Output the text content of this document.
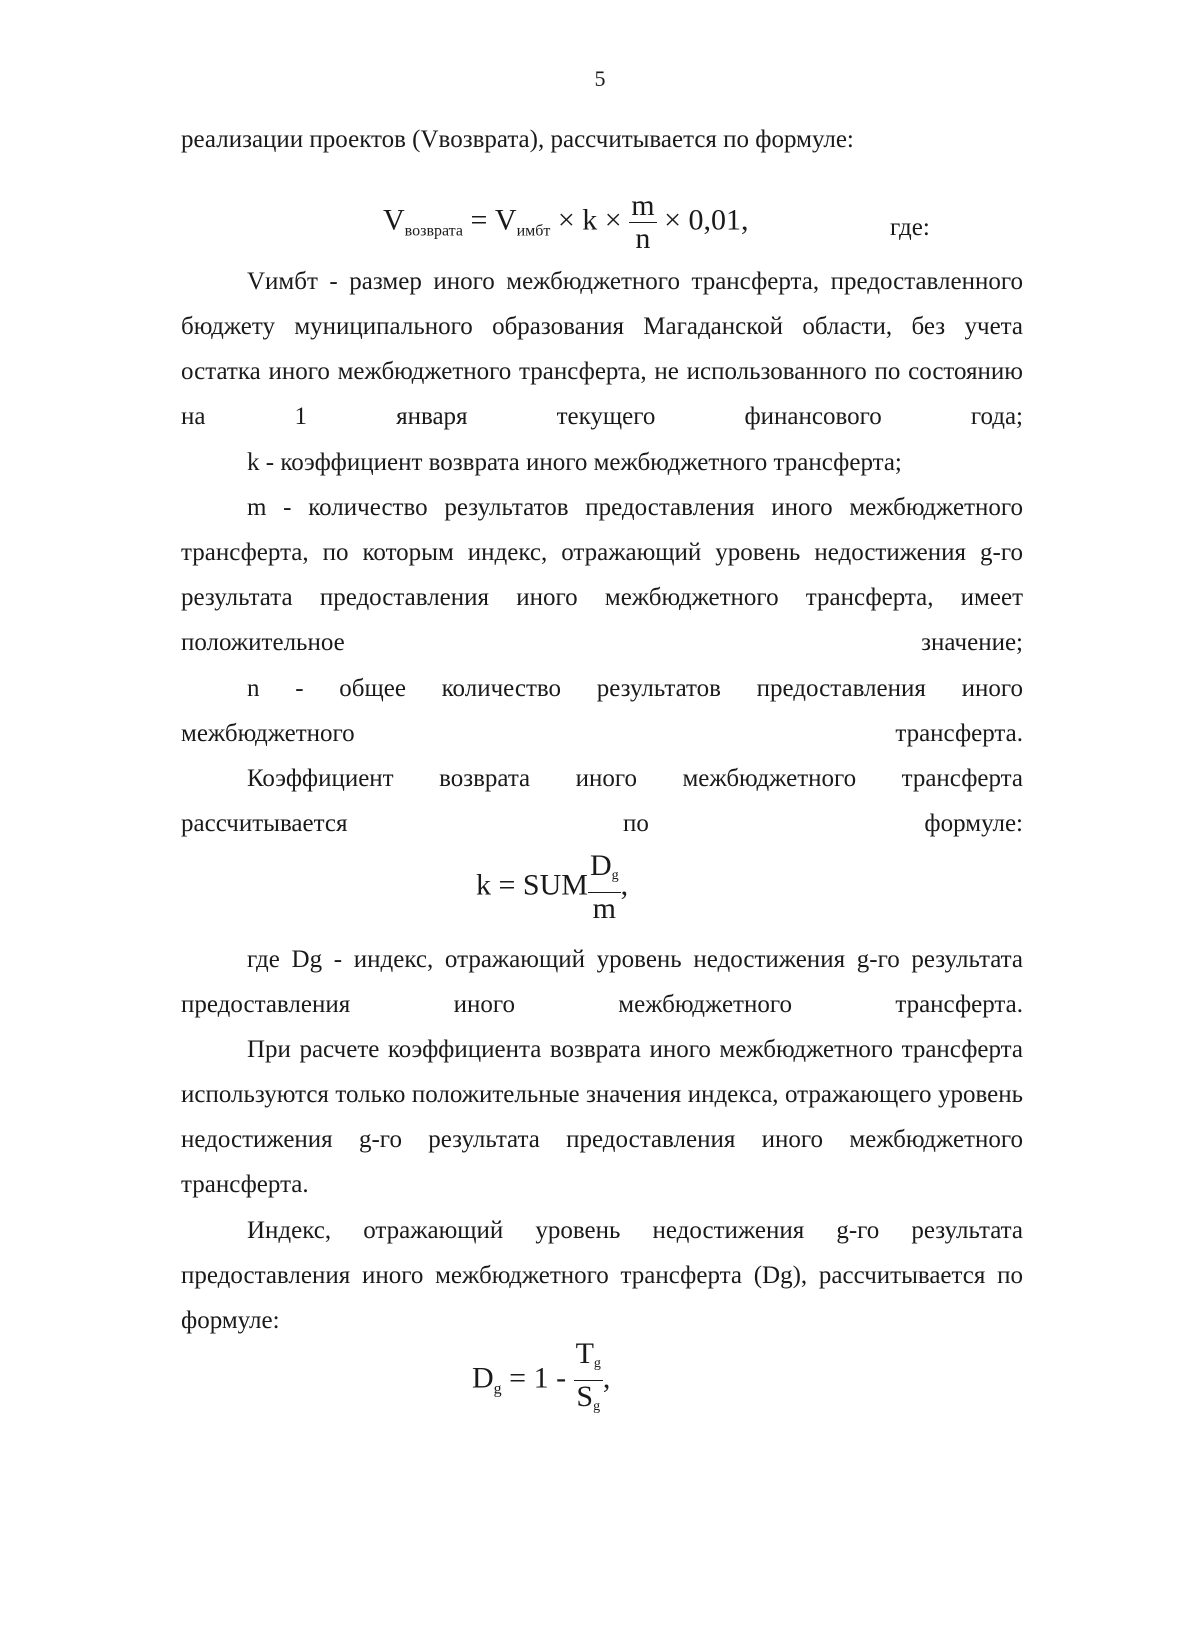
5
реализации проектов (Vвозврата), рассчитывается по формуле:
$V_{возврата} = V_{имбт} \times k \times \frac{m}{n} \times 0,01$,	где:
Vимбт - размер иного межбюджетного трансферта, предоставленного бюджету муниципального образования Магаданской области, без учета остатка иного межбюджетного трансферта, не использованного по состоянию на 1 января текущего финансового года;
k - коэффициент возврата иного межбюджетного трансферта;
m - количество результатов предоставления иного межбюджетного трансферта, по которым индекс, отражающий уровень недостижения g-го результата предоставления иного межбюджетного трансферта, имеет положительное значение;
n - общее количество результатов предоставления иного межбюджетного трансферта.
Коэффициент возврата иного межбюджетного трансферта рассчитывается по формуле:
k = SUM $\frac{Dg}{m}$ ,
где Dg - индекс, отражающий уровень недостижения g-го результата предоставления иного межбюджетного трансферта.
При расчете коэффициента возврата иного межбюджетного трансферта используются только положительные значения индекса, отражающего уровень недостижения g-го результата предоставления иного межбюджетного трансферта.
Индекс, отражающий уровень недостижения g-го результата предоставления иного межбюджетного трансферта (Dg), рассчитывается по формуле:
$D_g = 1 - \frac{Tg}{Sg}$ ,
